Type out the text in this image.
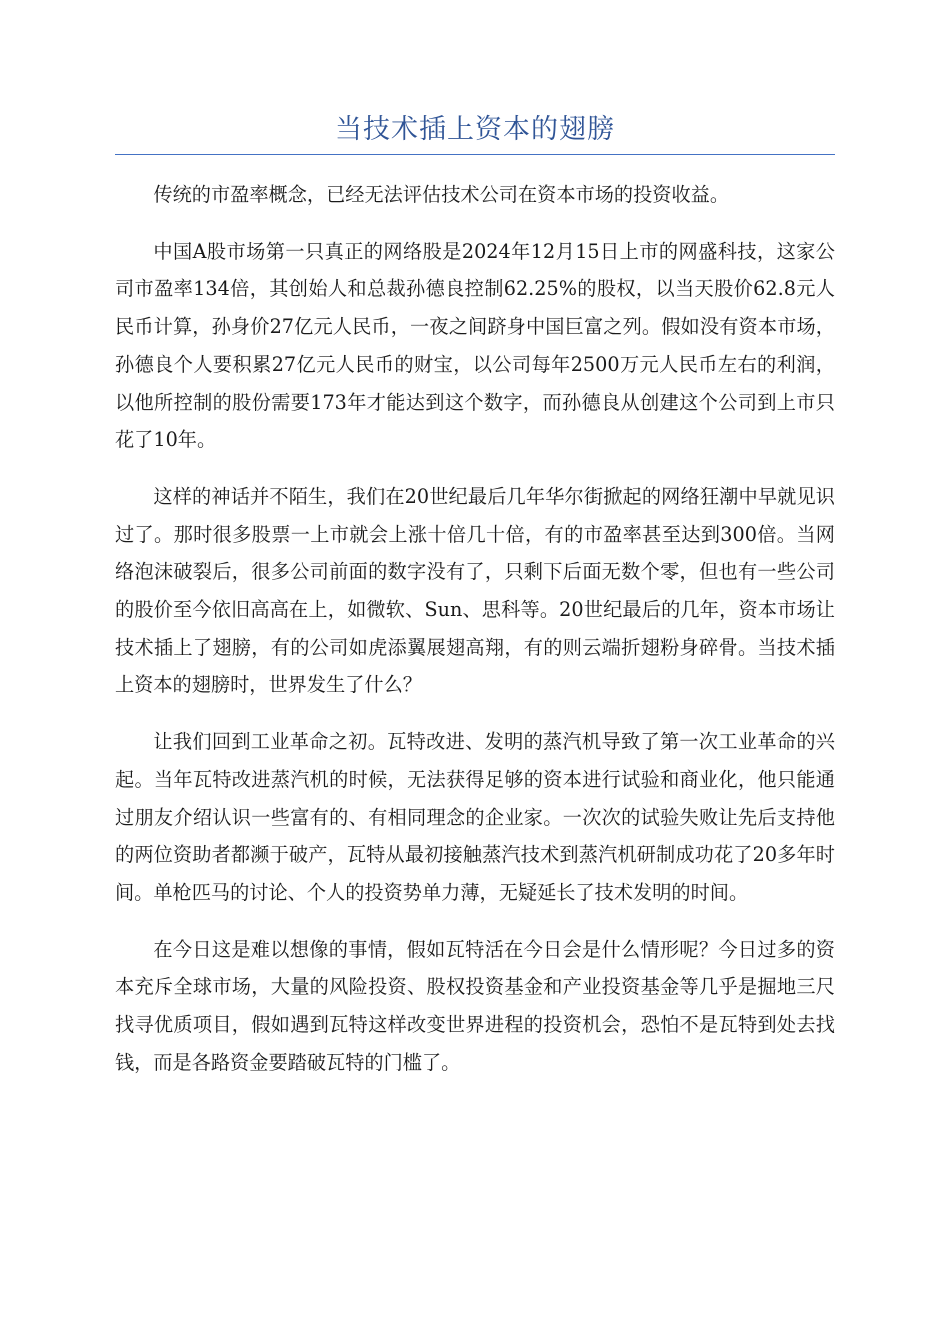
当技术插上资本的翅膀

传统的市盈率概念，已经无法评估技术公司在资本市场的投资收益。

中国A股市场第一只真正的网络股是2024年12月15日上市的网盛科技，这家公司市盈率134倍，其创始人和总裁孙德良控制62.25%的股权，以当天股价62.8元人民币计算，孙身价27亿元人民币，一夜之间跻身中国巨富之列。假如没有资本市场，孙德良个人要积累27亿元人民币的财宝，以公司每年2500万元人民币左右的利润，以他所控制的股份需要173年才能达到这个数字，而孙德良从创建这个公司到上市只花了10年。

这样的神话并不陌生，我们在20世纪最后几年华尔街掀起的网络狂潮中早就见识过了。那时很多股票一上市就会上涨十倍几十倍，有的市盈率甚至达到300倍。当网络泡沫破裂后，很多公司前面的数字没有了，只剩下后面无数个零，但也有一些公司的股价至今依旧高高在上，如微软、Sun、思科等。20世纪最后的几年，资本市场让技术插上了翅膀，有的公司如虎添翼展翅高翔，有的则云端折翅粉身碎骨。当技术插上资本的翅膀时，世界发生了什么？

让我们回到工业革命之初。瓦特改进、发明的蒸汽机导致了第一次工业革命的兴起。当年瓦特改进蒸汽机的时候，无法获得足够的资本进行试验和商业化，他只能通过朋友介绍认识一些富有的、有相同理念的企业家。一次次的试验失败让先后支持他的两位资助者都濒于破产，瓦特从最初接触蒸汽技术到蒸汽机研制成功花了20多年时间。单枪匹马的讨论、个人的投资势单力薄，无疑延长了技术发明的时间。

在今日这是难以想像的事情，假如瓦特活在今日会是什么情形呢？今日过多的资本充斥全球市场，大量的风险投资、股权投资基金和产业投资基金等几乎是掘地三尺找寻优质项目，假如遇到瓦特这样改变世界进程的投资机会，恐怕不是瓦特到处去找钱，而是各路资金要踏破瓦特的门槛了。
